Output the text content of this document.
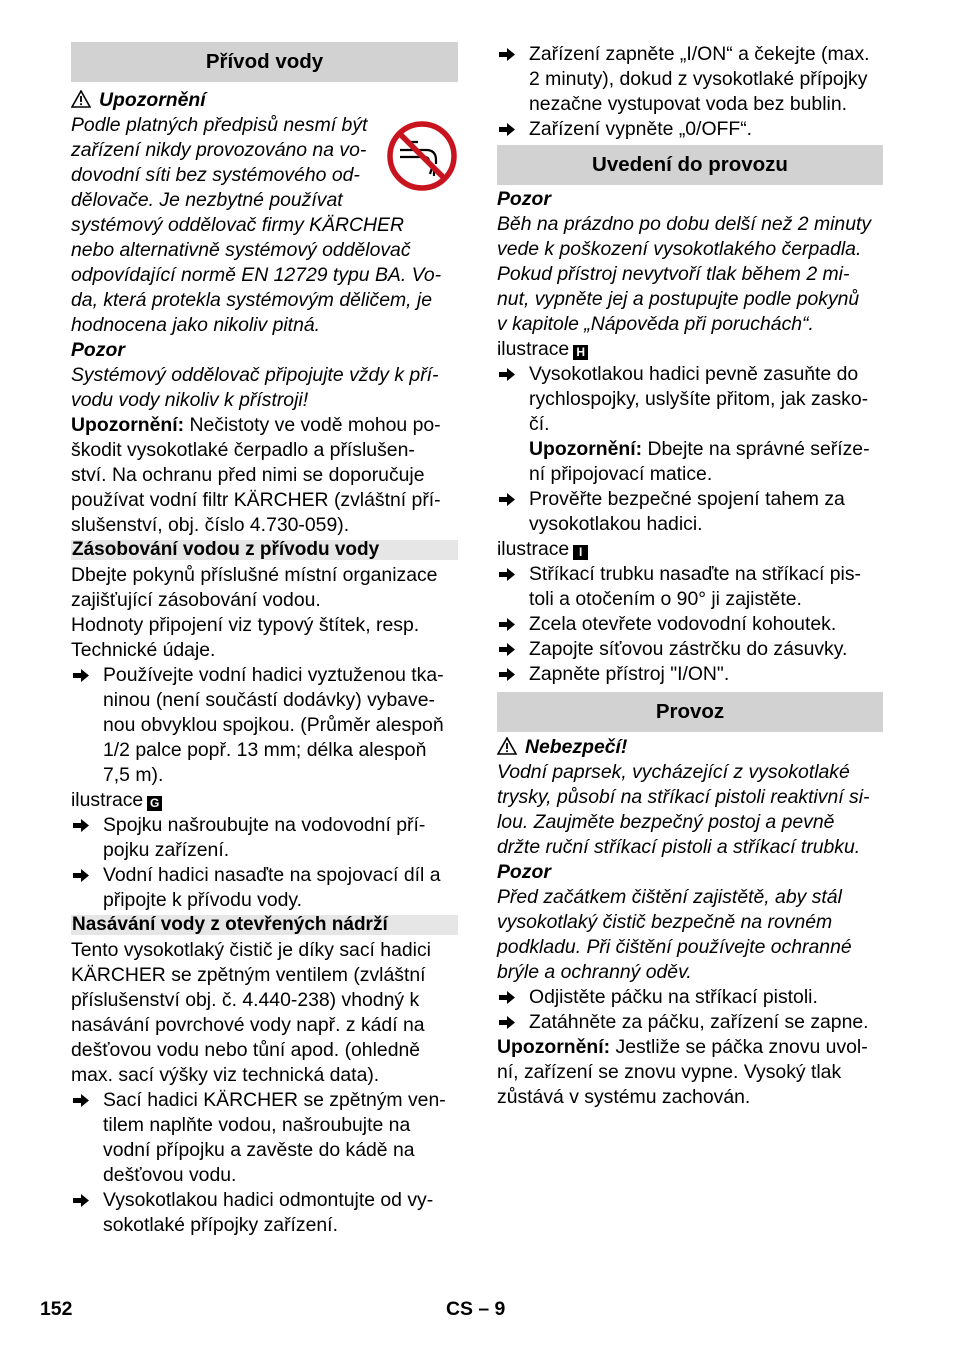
Přívod vody
Upozornění
Podle platných předpisů nesmí být
zařízení nikdy provozováno na vo-
dovodní síti bez systémového od-
dělovače. Je nezbytné používat
systémový oddělovač firmy KÄRCHER
nebo alternativně systémový oddělovač
odpovídající normě EN 12729 typu BA. Vo-
da, která protekla systémovým děličem, je
hodnocena jako nikoliv pitná.
Pozor
Systémový oddělovač připojujte vždy k pří-
vodu vody nikoliv k přístroji!
Upozornění: Nečistoty ve vodě mohou po-
škodit vysokotlaké čerpadlo a příslušen-
ství. Na ochranu před nimi se doporučuje
používat vodní filtr KÄRCHER (zvláštní pří-
slušenství, obj. číslo 4.730-059).
Zásobování vodou z přívodu vody
Dbejte pokynů příslušné místní organizace
zajišťující zásobování vodou.
Hodnoty připojení viz typový štítek, resp.
Technické údaje.
Používejte vodní hadici vyztuženou tka-
ninou (není součástí dodávky) vybave-
nou obvyklou spojkou. (Průměr alespoň
1/2 palce popř. 13 mm; délka alespoň
7,5 m).
ilustrace G
Spojku našroubujte na vodovodní pří-
pojku zařízení.
Vodní hadici nasaďte na spojovací díl a
připojte k přívodu vody.
Nasávání vody z otevřených nádrží
Tento vysokotlaký čistič je díky sací hadici
KÄRCHER se zpětným ventilem (zvláštní
příslušenství obj. č. 4.440-238) vhodný k
nasávání povrchové vody např. z kádí na
dešťovou vodu nebo tůní apod. (ohledně
max. sací výšky viz technická data).
Sací hadici KÄRCHER se zpětným ven-
tilem naplňte vodou, našroubujte na
vodní přípojku a zavěste do kádě na
dešťovou vodu.
Vysokotlakou hadici odmontujte od vy-
sokotlaké přípojky zařízení.
Zařízení zapněte „I/ON“ a čekejte (max.
2 minuty), dokud z vysokotlaké přípojky
nezačne vystupovat voda bez bublin.
Zařízení vypněte „0/OFF“.
Uvedení do provozu
Pozor
Běh na prázdno po dobu delší než 2 minuty
vede k poškození vysokotlakého čerpadla.
Pokud přístroj nevytvoří tlak během 2 mi-
nut, vypněte jej a postupujte podle pokynů
v kapitole „Nápověda při poruchách“.
ilustrace H
Vysokotlakou hadici pevně zasuňte do
rychlospojky, uslyšíte přitom, jak zasko-
čí.
Upozornění: Dbejte na správné seříze-
ní připojovací matice.
Prověřte bezpečné spojení tahem za
vysokotlakou hadici.
ilustrace I
Stříkací trubku nasaďte na stříkací pis-
toli a otočením o 90° ji zajistěte.
Zcela otevřete vodovodní kohoutek.
Zapojte síťovou zástrčku do zásuvky.
Zapněte přístroj "I/ON".
Provoz
Nebezpečí!
Vodní paprsek, vycházející z vysokotlaké
trysky, působí na stříkací pistoli reaktivní si-
lou. Zaujměte bezpečný postoj a pevně
držte ruční stříkací pistoli a stříkací trubku.
Pozor
Před začátkem čištění zajistětě, aby stál
vysokotlaký čistič bezpečně na rovném
podkladu. Při čištění používejte ochranné
brýle a ochranný oděv.
Odjistěte páčku na stříkací pistoli.
Zatáhněte za páčku, zařízení se zapne.
Upozornění: Jestliže se páčka znovu uvol-
ní, zařízení se znovu vypne. Vysoký tlak
zůstává v systému zachován.
152	CS – 9
